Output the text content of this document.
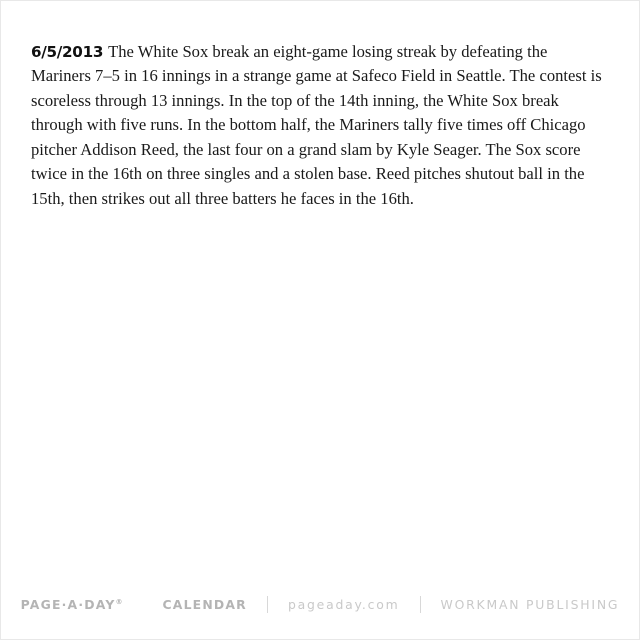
6/5/2013 The White Sox break an eight-game losing streak by defeating the Mariners 7–5 in 16 innings in a strange game at Safeco Field in Seattle. The contest is scoreless through 13 innings. In the top of the 14th inning, the White Sox break through with five runs. In the bottom half, the Mariners tally five times off Chicago pitcher Addison Reed, the last four on a grand slam by Kyle Seager. The Sox score twice in the 16th on three singles and a stolen base. Reed pitches shutout ball in the 15th, then strikes out all three batters he faces in the 16th.

PAGE·A·DAY®	CALENDAR	pageaday.com	WORKMAN PUBLISHING
